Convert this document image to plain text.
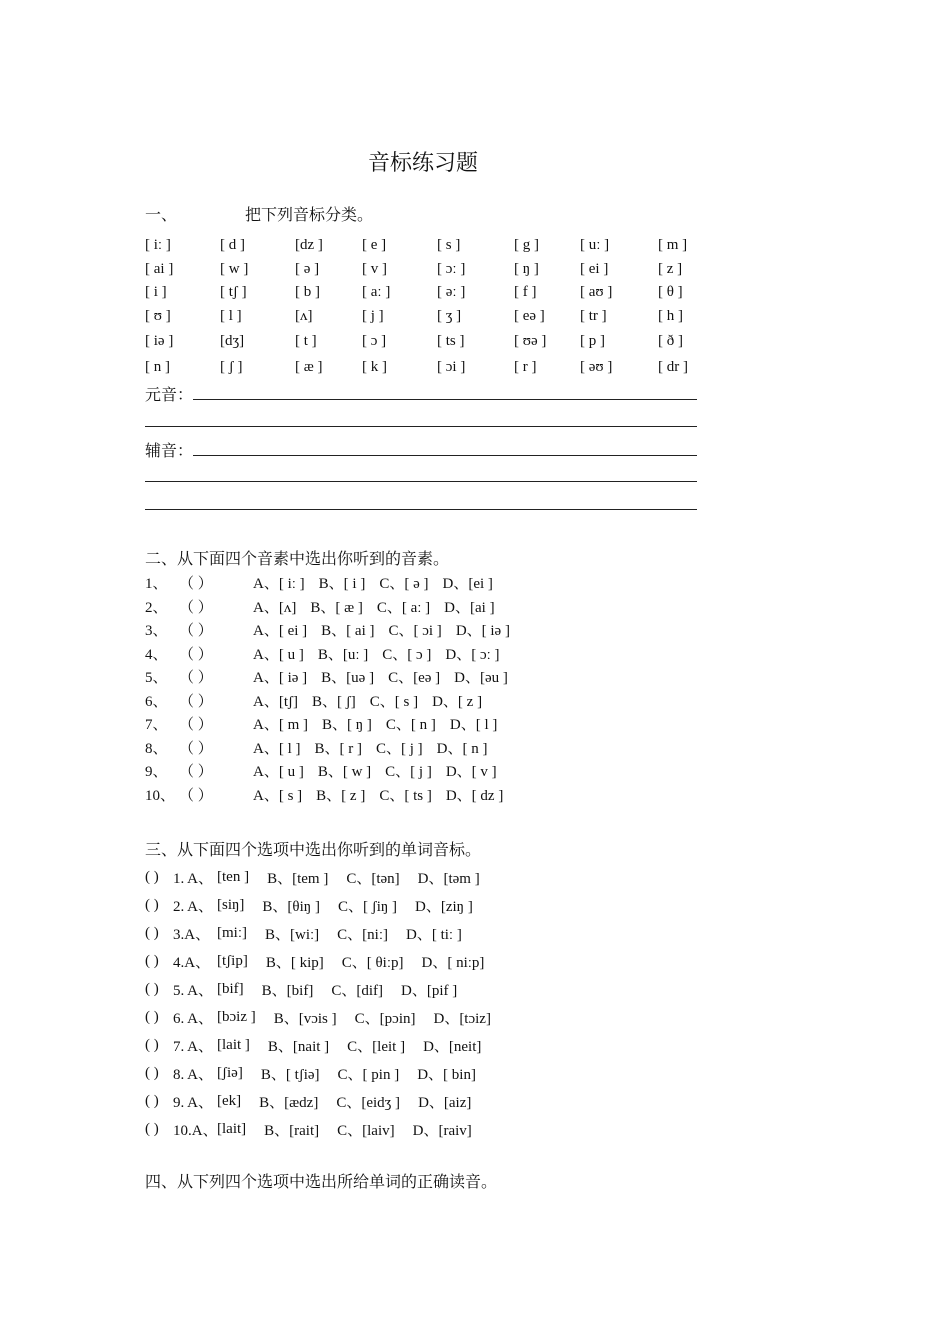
音标练习题
一、	把下列音标分类。
[ iː ]	[ d ]	[dz ]	[ e ]	[ s ]	[ g ]	[ uː ]	[ m ]
[ ai ]	[ w ]	[ ə ]	[ v ]	[ ɔː ]	[ ŋ ]	[ ei ]	[ z ]
[ i ]	[ tʃ ]	[ b ]	[ aː ]	[ əː ]	[ f ]	[ aʊ ]	[ θ ]
[ ʊ ]	[ l ]	[ʌ]	[ j ]	[ ʒ ]	[ eə ]	[ tr ]	[ h ]
[ iə ]	[dʒ]	[ t ]	[ ɔ ]	[ ts ]	[ ʊə ]	[ p ]	[ ð ]
[ n ]	[ ʃ ]	[ æ ]	[ k ]	[ ɔi ]	[ r ]	[ əʊ ]	[ dr ]
元音：
辅音：
二、从下面四个音素中选出你听到的音素。
1、 （ ）	A、[ iː ] B、[ i ] C、[ ə ] D、[ei ]
2、 （ ）	A、[ʌ] B、[ æ ] C、[ aː ] D、[ai ]
3、 （ ）	A、[ ei ] B、[ ai ] C、[ ɔi ] D、[ iə ]
4、 （ ）	A、[ u ] B、[uː ] C、[ ɔ ] D、[ ɔː ]
5、 （ ）	A、[ iə ] B、[uə ] C、[eə ] D、[əu ]
6、 （ ）	A、[tʃ] B、[ ʃ] C、[ s ] D、[ z ]
7、 （ ）	A、[ m ] B、[ ŋ ] C、[ n ] D、[ l ]
8、 （ ）	A、[ l ] B、[ r ] C、[ j ] D、[ n ]
9、 （ ）	A、[ u ] B、[ w ] C、[ j ] D、[ v ]
10、 （ ）	A、[ s ] B、[ z ] C、[ ts ] D、[ dz ]
三、从下面四个选项中选出你听到的单词音标。
( ) 1. A、 [ten ] B、[tem ] C、[tən] D、[təm ]
( ) 2. A、 [siŋ] B、[θiŋ ] C、[ ʃiŋ ] D、[ziŋ ]
( ) 3.A、 [miː] B、[wiː] C、[niː] D、[ tiː ]
( ) 4.A、 [tʃip] B、[ kip] C、[ θiːp] D、[ niːp]
( ) 5. A、 [bif] B、[bif] C、[dif] D、[pif ]
( ) 6. A、 [bɔiz ] B、[vɔis ] C、[pɔin] D、[tɔiz]
( ) 7. A、 [lait ] B、[nait ] C、[leit ] D、[neit]
( ) 8. A、 [ʃiə] B、[ tʃiə] C、[ pin ] D、[ bin]
( ) 9. A、 [ek] B、[ædz] C、[eidʒ ] D、[aiz]
( ) 10.A、 [lait] B、[rait] C、[laiv] D、[raiv]
四、从下列四个选项中选出所给单词的正确读音。
